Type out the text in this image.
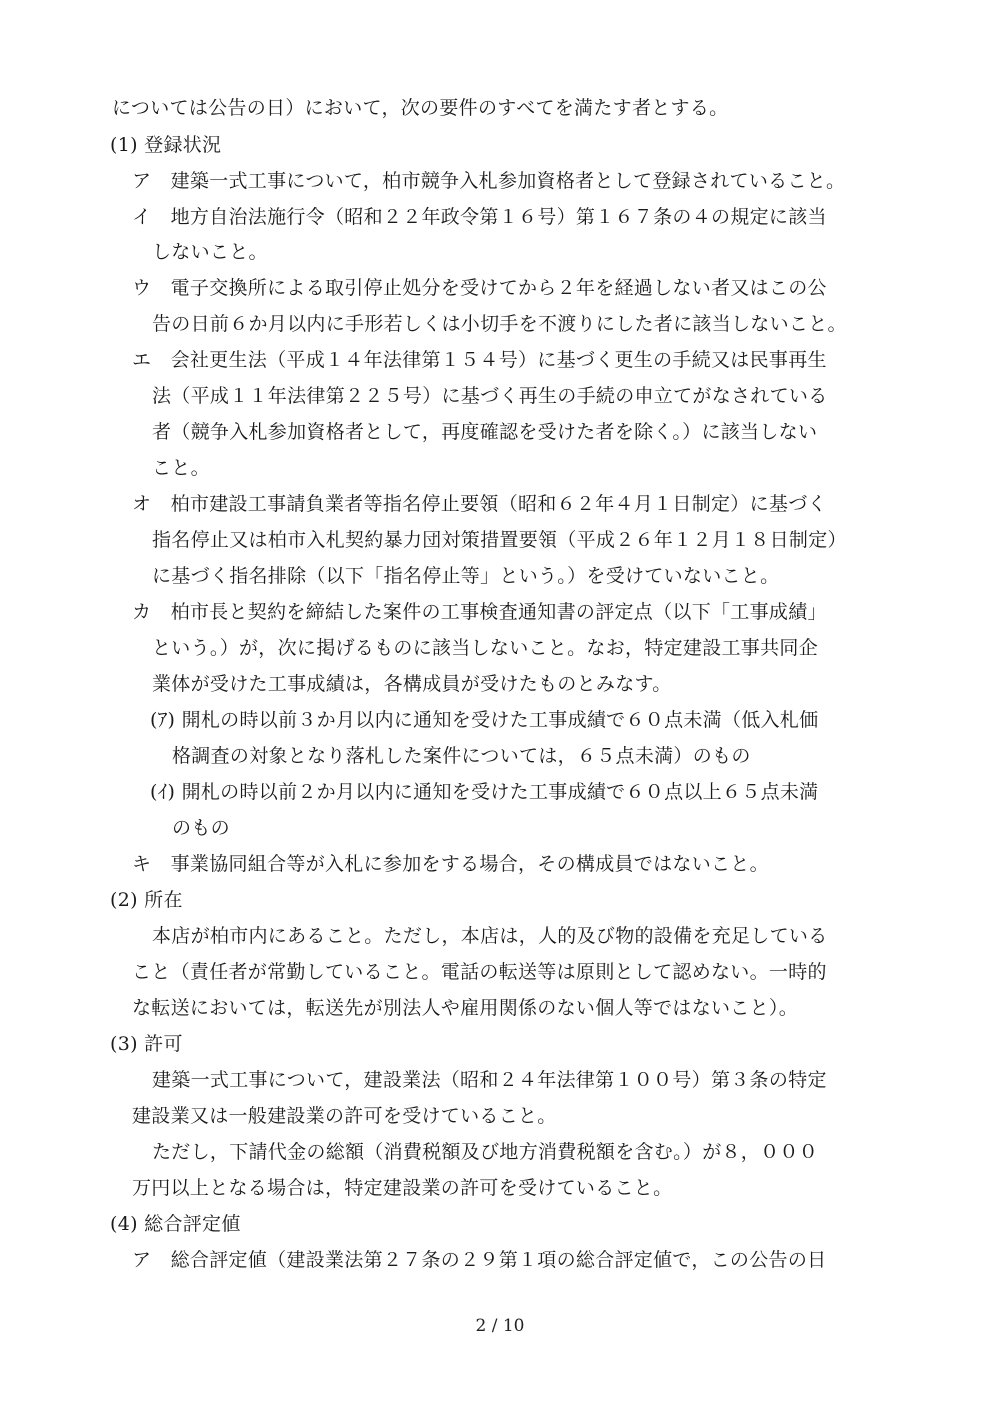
については公告の日）において，次の要件のすべてを満たす者とする。
(1) 登録状況
ア　建築一式工事について，柏市競争入札参加資格者として登録されていること。
イ　地方自治法施行令（昭和２２年政令第１６号）第１６７条の４の規定に該当
しないこと。
ウ　電子交換所による取引停止処分を受けてから２年を経過しない者又はこの公
告の日前６か月以内に手形若しくは小切手を不渡りにした者に該当しないこと。
エ　会社更生法（平成１４年法律第１５４号）に基づく更生の手続又は民事再生
法（平成１１年法律第２２５号）に基づく再生の手続の申立てがなされている
者（競争入札参加資格者として，再度確認を受けた者を除く。）に該当しない
こと。
オ　柏市建設工事請負業者等指名停止要領（昭和６２年４月１日制定）に基づく
指名停止又は柏市入札契約暴力団対策措置要領（平成２６年１２月１８日制定）
に基づく指名排除（以下「指名停止等」という。）を受けていないこと。
カ　柏市長と契約を締結した案件の工事検査通知書の評定点（以下「工事成績」
という。）が，次に掲げるものに該当しないこと。なお，特定建設工事共同企
業体が受けた工事成績は，各構成員が受けたものとみなす。
(ｱ) 開札の時以前３か月以内に通知を受けた工事成績で６０点未満（低入札価
格調査の対象となり落札した案件については，６５点未満）のもの
(ｲ) 開札の時以前２か月以内に通知を受けた工事成績で６０点以上６５点未満
のもの
キ　事業協同組合等が入札に参加をする場合，その構成員ではないこと。
(2) 所在
本店が柏市内にあること。ただし，本店は，人的及び物的設備を充足している
こと（責任者が常勤していること。電話の転送等は原則として認めない。一時的
な転送においては，転送先が別法人や雇用関係のない個人等ではないこと）。
(3) 許可
建築一式工事について，建設業法（昭和２４年法律第１００号）第３条の特定
建設業又は一般建設業の許可を受けていること。
ただし，下請代金の総額（消費税額及び地方消費税額を含む。）が８，０００
万円以上となる場合は，特定建設業の許可を受けていること。
(4) 総合評定値
ア　総合評定値（建設業法第２７条の２９第１項の総合評定値で，この公告の日
2 / 10
